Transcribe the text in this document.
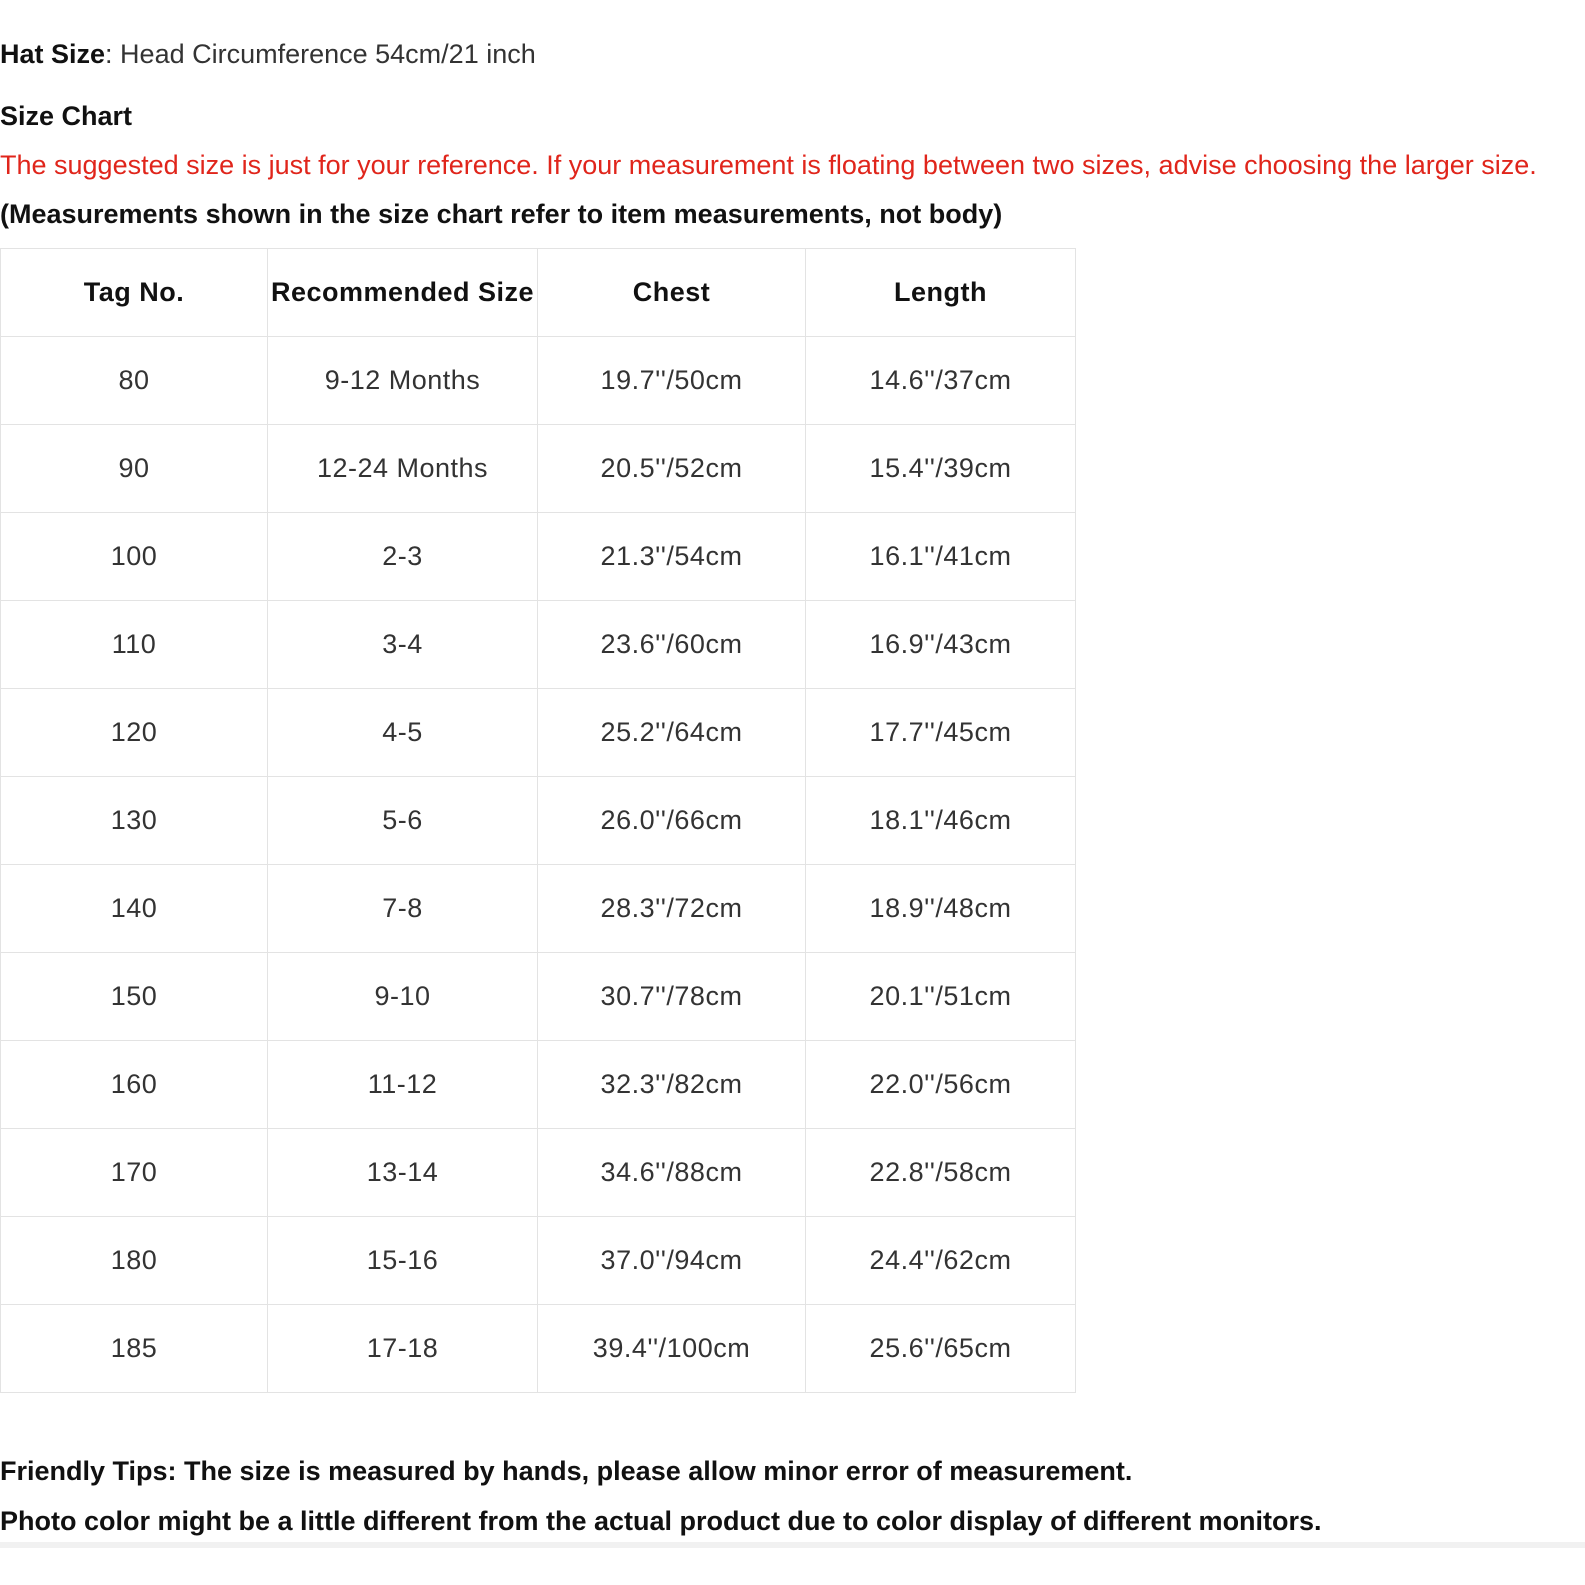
Hat Size: Head Circumference 54cm/21 inch
Size Chart
The suggested size is just for your reference. If your measurement is floating between two sizes, advise choosing the larger size.
(Measurements shown in the size chart refer to item measurements, not body)
Tag No.	Recommended Size	Chest	Length
80	9-12 Months	19.7''/50cm	14.6''/37cm
90	12-24 Months	20.5''/52cm	15.4''/39cm
100	2-3	21.3''/54cm	16.1''/41cm
110	3-4	23.6''/60cm	16.9''/43cm
120	4-5	25.2''/64cm	17.7''/45cm
130	5-6	26.0''/66cm	18.1''/46cm
140	7-8	28.3''/72cm	18.9''/48cm
150	9-10	30.7''/78cm	20.1''/51cm
160	11-12	32.3''/82cm	22.0''/56cm
170	13-14	34.6''/88cm	22.8''/58cm
180	15-16	37.0''/94cm	24.4''/62cm
185	17-18	39.4''/100cm	25.6''/65cm
Friendly Tips: The size is measured by hands, please allow minor error of measurement.
Photo color might be a little different from the actual product due to color display of different monitors.
